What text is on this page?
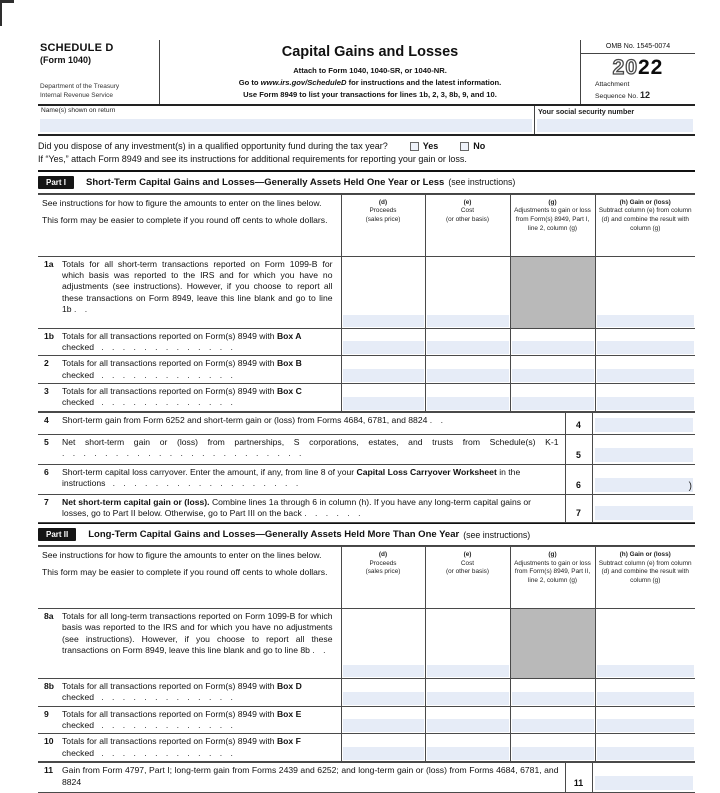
SCHEDULE D
(Form 1040)
Department of the Treasury
Internal Revenue Service
Capital Gains and Losses
Attach to Form 1040, 1040-SR, or 1040-NR.
Go to www.irs.gov/ScheduleD for instructions and the latest information.
Use Form 8949 to list your transactions for lines 1b, 2, 3, 8b, 9, and 10.
OMB No. 1545-0074
2022
Attachment
Sequence No. 12
Name(s) shown on return	Your social security number
Did you dispose of any investment(s) in a qualified opportunity fund during the tax year?	Yes	No
If “Yes,” attach Form 8949 and see its instructions for additional requirements for reporting your gain or loss.
Part I	Short-Term Capital Gains and Losses—Generally Assets Held One Year or Less (see instructions)

See instructions for how to figure the amounts to enter on the lines below.

This form may be easier to complete if you round off cents to whole dollars.

(d)
Proceeds
(sales price)

(e)
Cost
(or other basis)

(g)
Adjustments to gain or loss from Form(s) 8949, Part I, line 2, column (g)

(h) Gain or (loss)
Subtract column (e) from column (d) and combine the result with column (g)

1a Totals for all short-term transactions reported on Form 1099-B for which basis was reported to the IRS and for which you have no adjustments (see instructions). However, if you choose to report all these transactions on Form 8949, leave this line blank and go to line 1b . .				

1b Totals for all transactions reported on Form(s) 8949 with Box A checked . . . . . . . . . . . . .				

2 Totals for all transactions reported on Form(s) 8949 with Box B checked . . . . . . . . . . . . .				

3 Totals for all transactions reported on Form(s) 8949 with Box C checked . . . . . . . . . . . . .				

4 Short-term gain from Form 6252 and short-term gain or (loss) from Forms 4684, 6781, and 8824 . .	4	

5 Net short-term gain or (loss) from partnerships, S corporations, estates, and trusts from Schedule(s) K-1 . . . . . . . . . . . . . . . . . . . . . . .	5	

6 Short-term capital loss carryover. Enter the amount, if any, from line 8 of your Capital Loss Carryover Worksheet in the instructions . . . . . . . . . . . . . . . . . .	6	)

7 Net short-term capital gain or (loss). Combine lines 1a through 6 in column (h). If you have any long-term capital gains or losses, go to Part II below. Otherwise, go to Part III on the back . . . . . .	7	
Part II	Long-Term Capital Gains and Losses—Generally Assets Held More Than One Year (see instructions)

See instructions for how to figure the amounts to enter on the lines below.

This form may be easier to complete if you round off cents to whole dollars.

(d)
Proceeds
(sales price)

(e)
Cost
(or other basis)

(g)
Adjustments to gain or loss from Form(s) 8949, Part II, line 2, column (g)

(h) Gain or (loss)
Subtract column (e) from column (d) and combine the result with column (g)

8a Totals for all long-term transactions reported on Form 1099-B for which basis was reported to the IRS and for which you have no adjustments (see instructions). However, if you choose to report all these transactions on Form 8949, leave this line blank and go to line 8b . .				

8b Totals for all transactions reported on Form(s) 8949 with Box D checked . . . . . . . . . . . . .				

9 Totals for all transactions reported on Form(s) 8949 with Box E checked . . . . . . . . . . . . .				

10 Totals for all transactions reported on Form(s) 8949 with Box F checked . . . . . . . . . . . . .				

11	Gain from Form 4797, Part I; long-term gain from Forms 2439 and 6252; and long-term gain or (loss) from Forms 4684, 6781, and 8824	11	
